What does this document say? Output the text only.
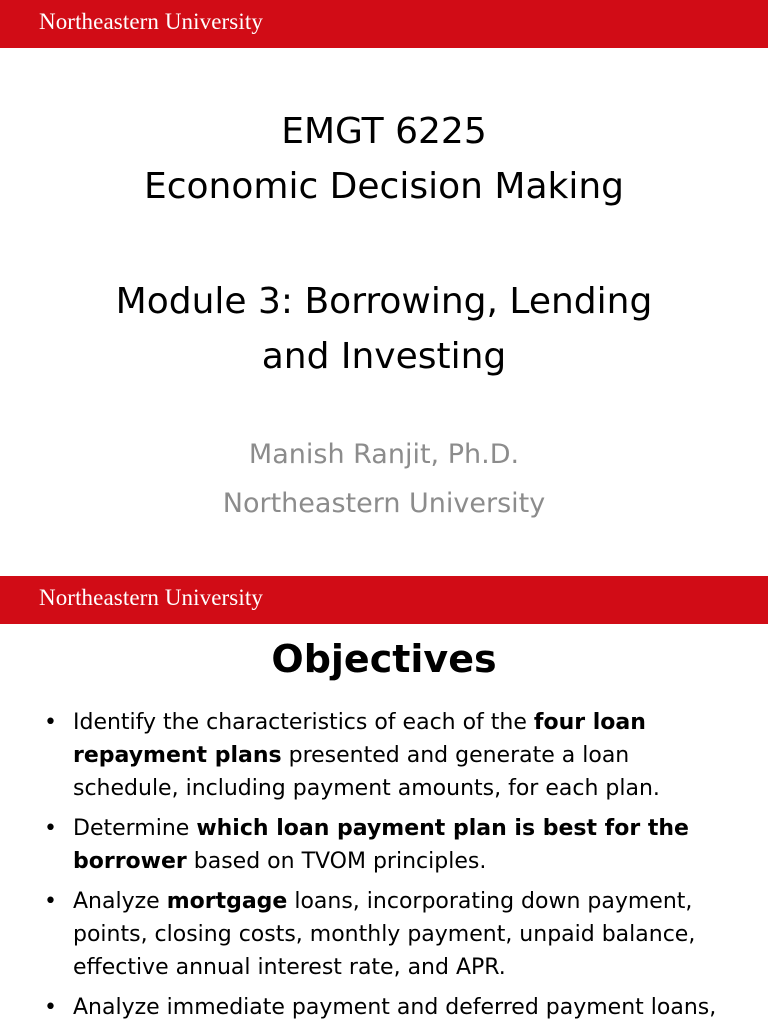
Northeastern University
EMGT 6225
Economic Decision Making
Module 3: Borrowing, Lending
and Investing
Manish Ranjit, Ph.D.
Northeastern University
Northeastern University
Objectives
• Identify the characteristics of each of the four loan repayment plans presented and generate a loan schedule, including payment amounts, for each plan.
• Determine which loan payment plan is best for the borrower based on TVOM principles.
• Analyze mortgage loans, incorporating down payment, points, closing costs, monthly payment, unpaid balance, effective annual interest rate, and APR.
• Analyze immediate payment and deferred payment loans,
